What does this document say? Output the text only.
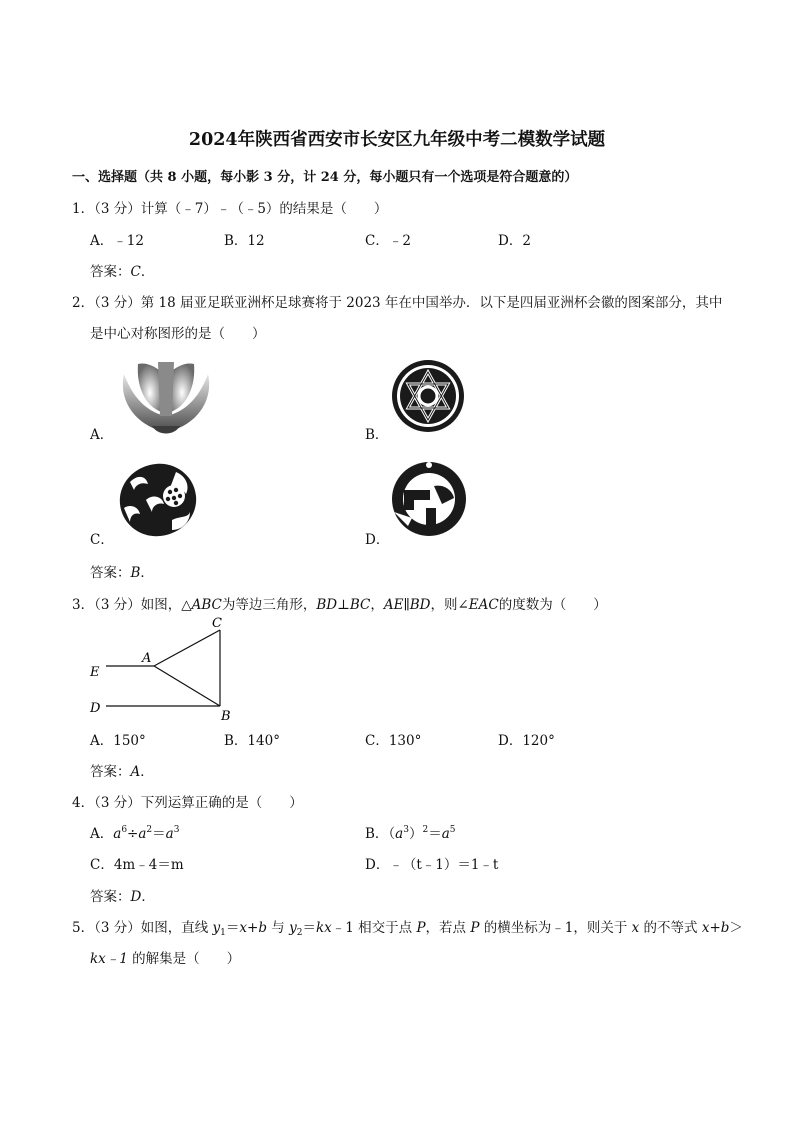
2024年陕西省西安市长安区九年级中考二模数学试题
一、选择题（共 8 小题，每小影 3 分，计 24 分，每小题只有一个选项是符合题意的）
1．（3 分）计算（﹣7）﹣（﹣5）的结果是（　　）
A．﹣12	B．12	C．﹣2	D．2
答案：C．
2．（3 分）第 18 届亚足联亚洲杯足球赛将于 2023 年在中国举办．以下是四届亚洲杯会徽的图案部分，其中
是中心对称图形的是（　　）
A．	B．
C．	D．
答案：B．
3．（3 分）如图，△ABC为等边三角形，BD⊥BC，AE∥BD，则∠EAC的度数为（　　）
C
A
E
D
B
A．150°	B．140°	C．130°	D．120°
答案：A．
4．（3 分）下列运算正确的是（　　）
A．$a^6\div a^2=a^3$	B．$(a^3)^2=a^5$
C．4m﹣4＝m	D．﹣（t﹣1）＝1﹣t
答案：D．
5．（3 分）如图，直线 $y_1=x+b$ 与 $y_2=kx﹣1$ 相交于点 P，若点 P 的横坐标为﹣1，则关于 x 的不等式 x+b＞
kx﹣1 的解集是（　　）
